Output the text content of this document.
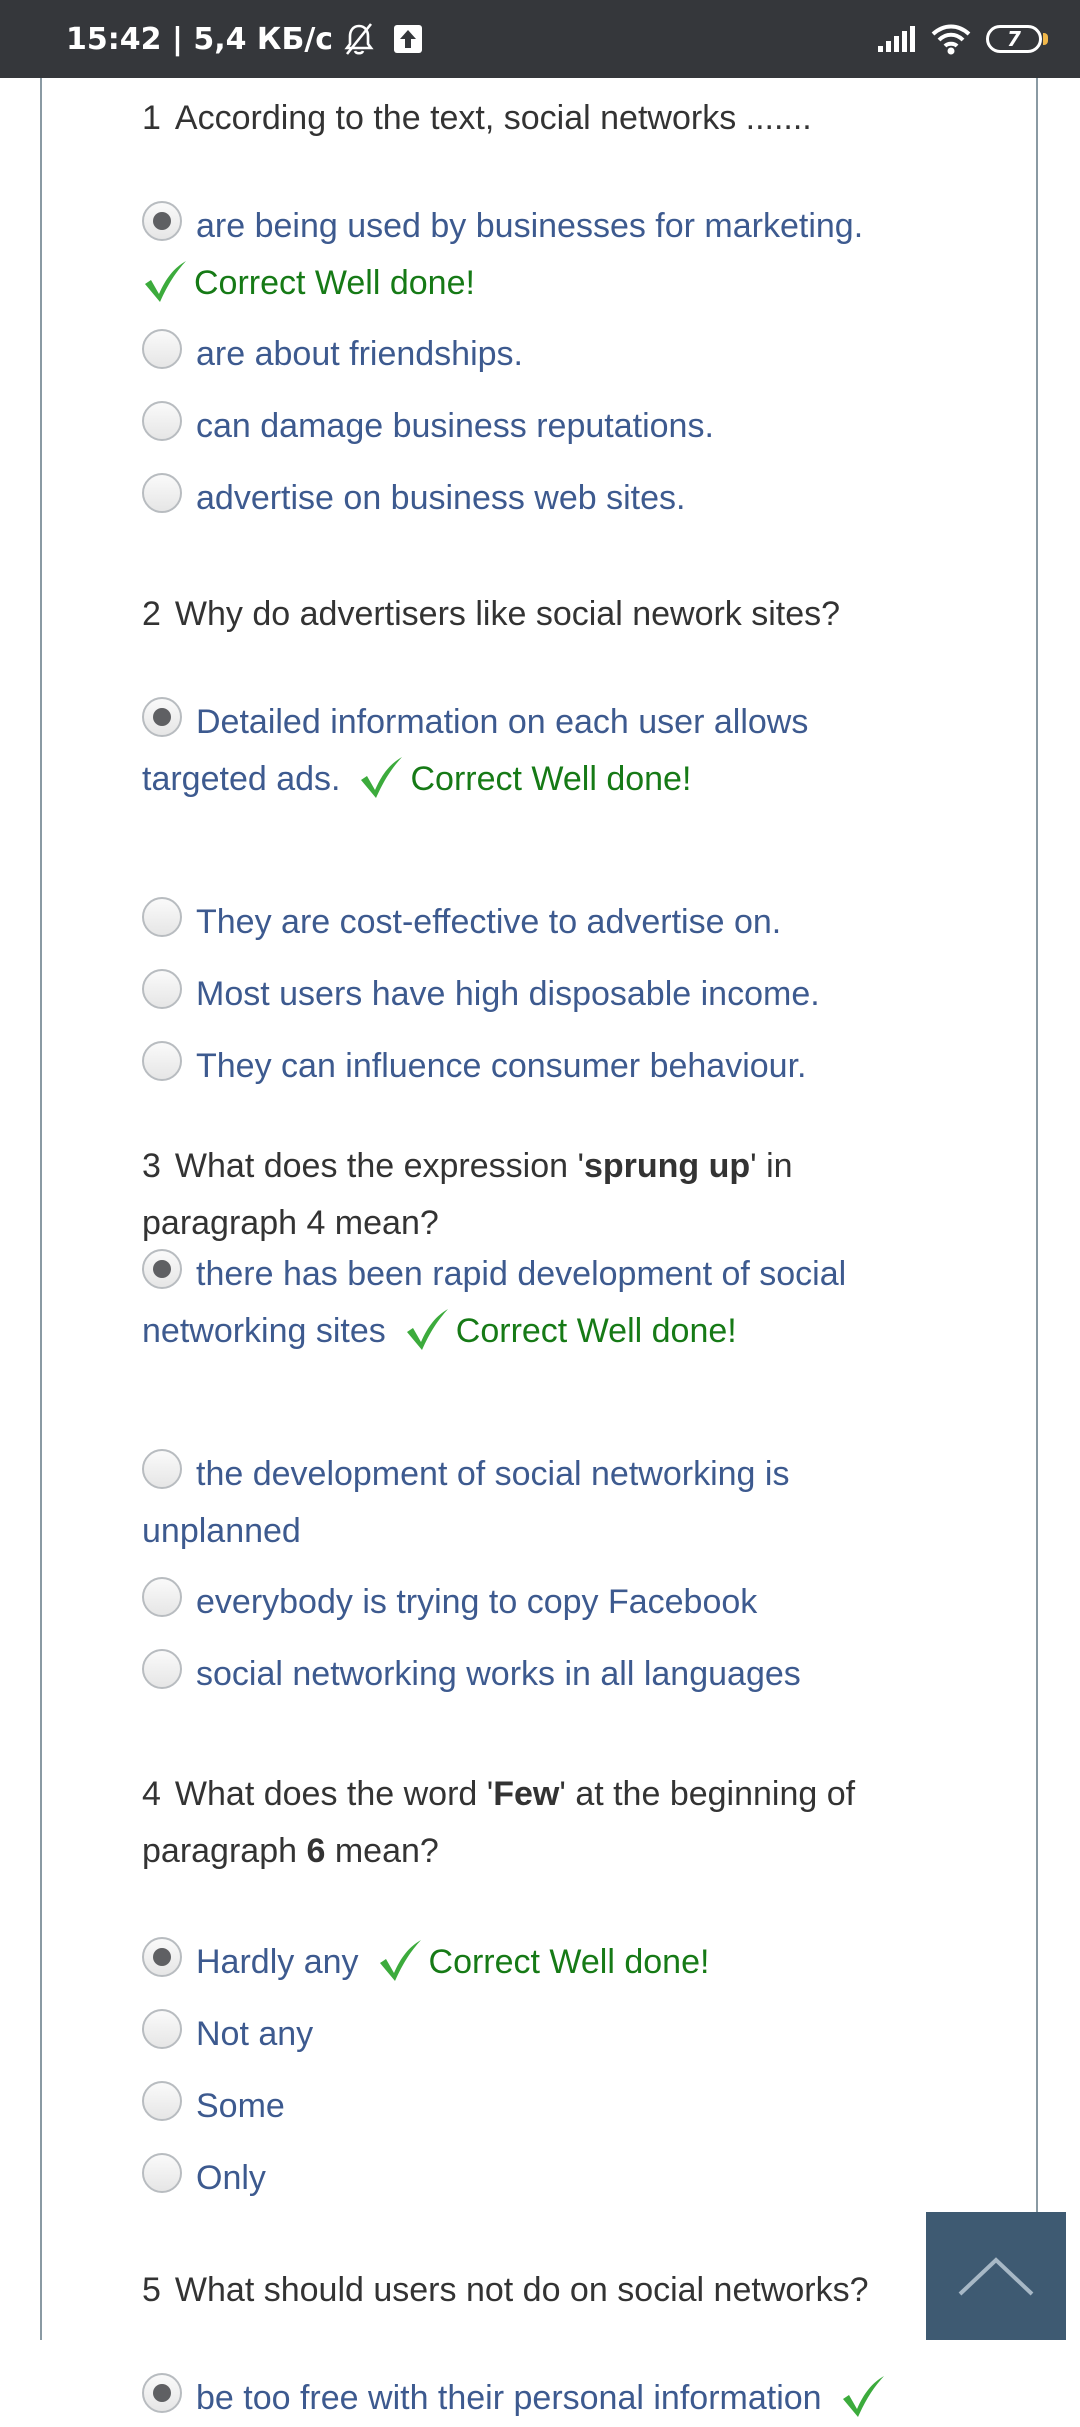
15:42 | 5,4 КБ/с	7
1 According to the text, social networks .......
are being used by businesses for marketing.
Correct Well done!
are about friendships.
can damage business reputations.
advertise on business web sites.
2 Why do advertisers like social nework sites?
Detailed information on each user allows targeted ads. Correct Well done!
They are cost-effective to advertise on.
Most users have high disposable income.
They can influence consumer behaviour.
3 What does the expression 'sprung up' in paragraph 4 mean?
there has been rapid development of social networking sites Correct Well done!
the development of social networking is unplanned
everybody is trying to copy Facebook
social networking works in all languages
4 What does the word 'Few' at the beginning of paragraph 6 mean?
Hardly any Correct Well done!
Not any
Some
Only
5 What should users not do on social networks?
be too free with their personal information
